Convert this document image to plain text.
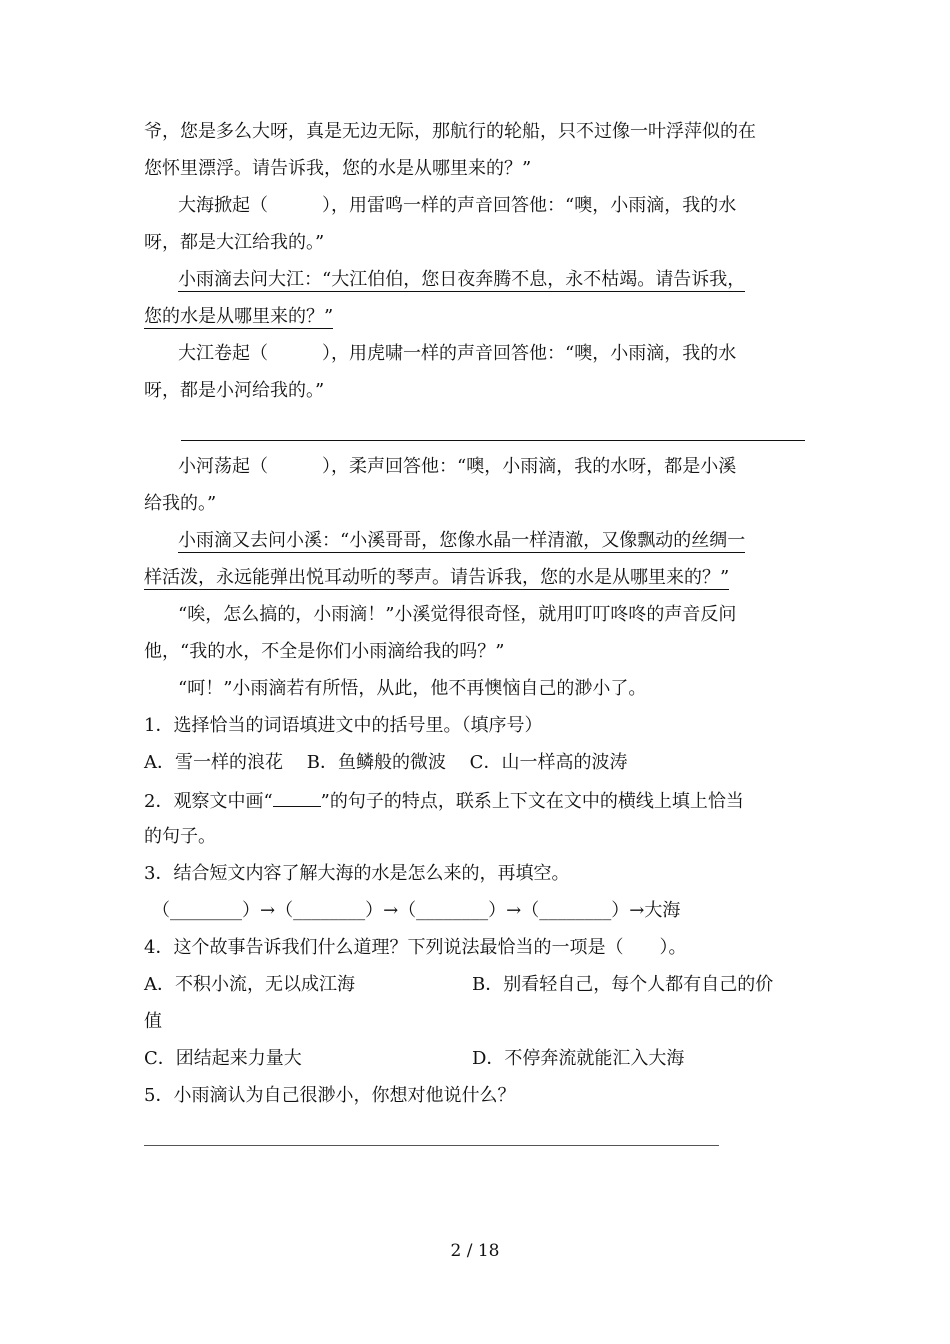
爷，您是多么大呀，真是无边无际，那航行的轮船，只不过像一叶浮萍似的在
您怀里漂浮。请告诉我，您的水是从哪里来的？”
大海掀起（　　　），用雷鸣一样的声音回答他：“噢，小雨滴，我的水
呀，都是大江给我的。”
小雨滴去问大江：“大江伯伯，您日夜奔腾不息，永不枯竭。请告诉我，
您的水是从哪里来的？”
大江卷起（　　　），用虎啸一样的声音回答他：“噢，小雨滴，我的水
呀，都是小河给我的。”
小河荡起（　　　），柔声回答他：“噢，小雨滴，我的水呀，都是小溪
给我的。”
小雨滴又去问小溪：“小溪哥哥，您像水晶一样清澈，又像飘动的丝绸一
样活泼，永远能弹出悦耳动听的琴声。请告诉我，您的水是从哪里来的？”
“唉，怎么搞的，小雨滴！”小溪觉得很奇怪，就用叮叮咚咚的声音反问
他，“我的水，不全是你们小雨滴给我的吗？”
“呵！”小雨滴若有所悟，从此，他不再懊恼自己的渺小了。
1．选择恰当的词语填进文中的括号里。（填序号）
A．雪一样的浪花　 B．鱼鳞般的微波　 C．山一样高的波涛
2．观察文中画“	”的句子的特点，联系上下文在文中的横线上填上恰当
的句子。
3．结合短文内容了解大海的水是怎么来的，再填空。
（________）→（________）→（________）→（________）→大海
4．这个故事告诉我们什么道理？下列说法最恰当的一项是（　　）。
A．不积小流，无以成江海	B．别看轻自己，每个人都有自己的价
值
C．团结起来力量大	D．不停奔流就能汇入大海
5．小雨滴认为自己很渺小，你想对他说什么？
2 / 18
